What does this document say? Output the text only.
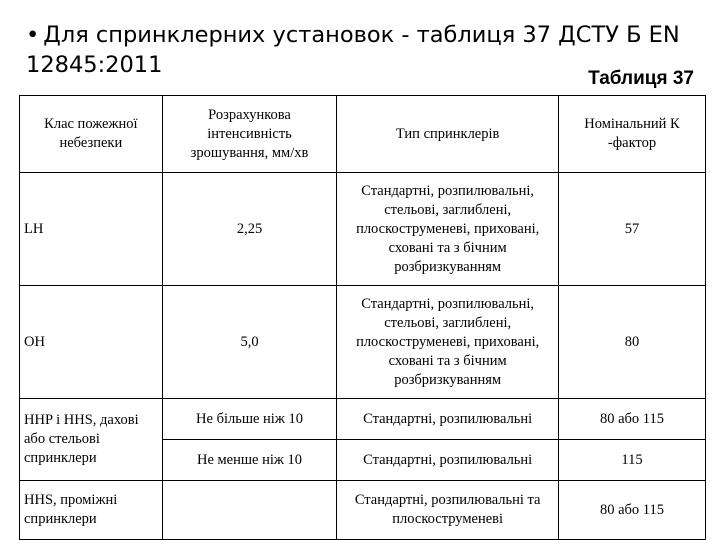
• Для спринклерних установок - таблиця 37 ДСТУ Б EN 12845:2011
Таблиця 37
Клас пожежної небезпеки	Розрахункова інтенсивність зрошування, мм/хв	Тип спринклерів	Номінальний К -фактор
LH	2,25	Стандартні, розпилювальні, стельові, заглиблені, плоскоструменеві, приховані, сховані та з бічним розбризкуванням	57
OH	5,0	Стандартні, розпилювальні, стельові, заглиблені, плоскоструменеві, приховані, сховані та з бічним розбризкуванням	80
HHP і HHS, дахові або стельові спринклери	Не більше ніж 10	Стандартні, розпилювальні	80 або 115
	Не менше ніж 10	Стандартні, розпилювальні	115
HHS, проміжні спринклери		Стандартні, розпилювальні та плоскоструменеві	80 або 115
